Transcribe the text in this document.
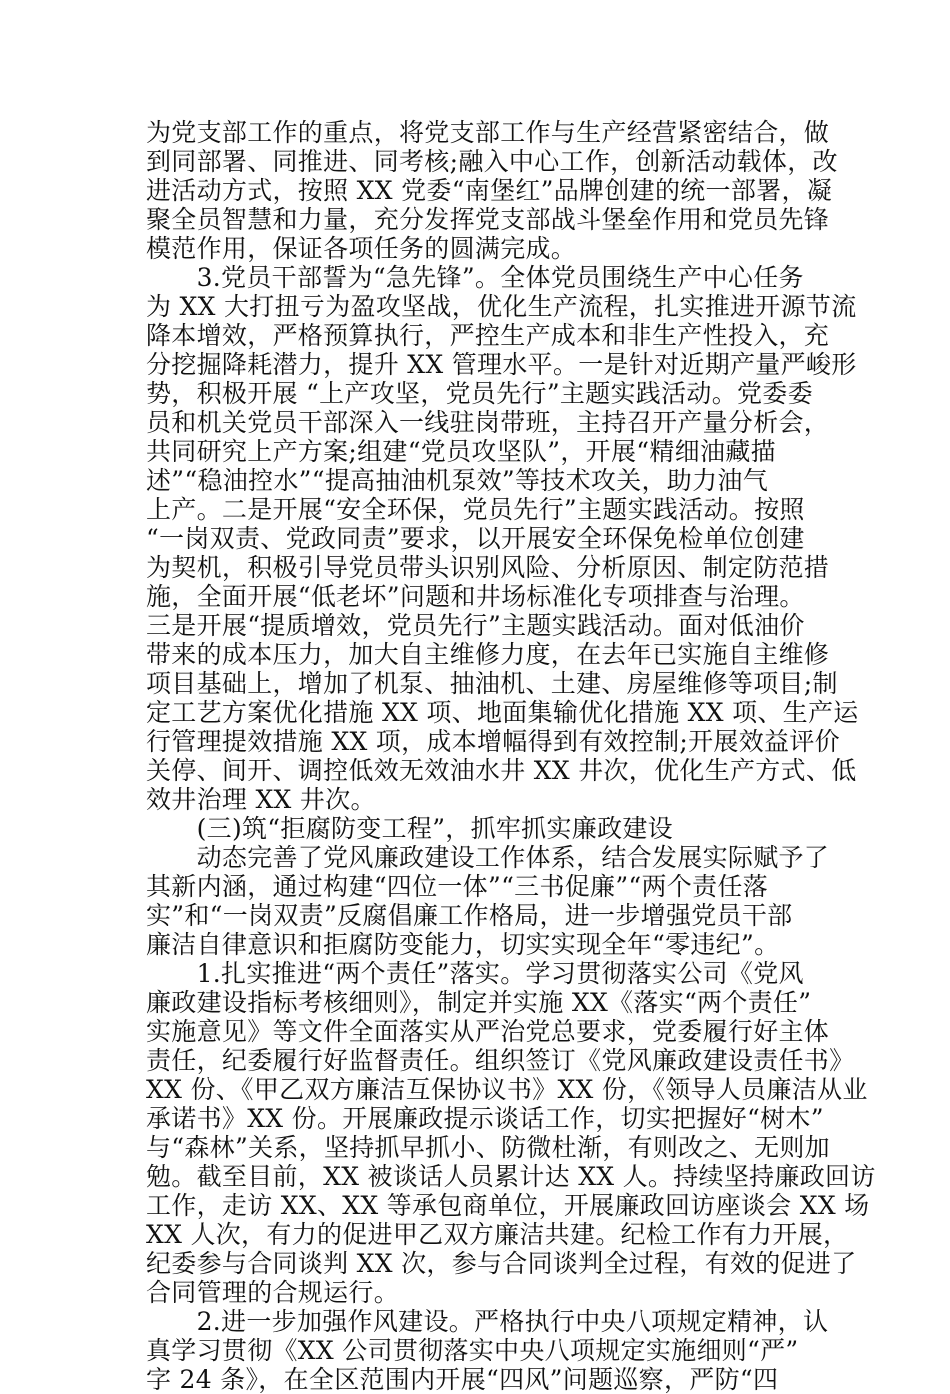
为党支部工作的重点，将党支部工作与生产经营紧密结合，做
到同部署、同推进、同考核;融入中心工作，创新活动载体，改
进活动方式，按照 XX 党委“南堡红”品牌创建的统一部署，凝
聚全员智慧和力量，充分发挥党支部战斗堡垒作用和党员先锋
模范作用，保证各项任务的圆满完成。
　　3.党员干部誓为“急先锋”。全体党员围绕生产中心任务
为 XX 大打扭亏为盈攻坚战，优化生产流程，扎实推进开源节流
降本增效，严格预算执行，严控生产成本和非生产性投入，充
分挖掘降耗潜力，提升 XX 管理水平。一是针对近期产量严峻形
势，积极开展 “上产攻坚，党员先行”主题实践活动。党委委
员和机关党员干部深入一线驻岗带班，主持召开产量分析会，
共同研究上产方案;组建“党员攻坚队”，开展“精细油藏描
述”“稳油控水”“提高抽油机泵效”等技术攻关，助力油气
上产。二是开展“安全环保，党员先行”主题实践活动。按照
“一岗双责、党政同责”要求，以开展安全环保免检单位创建
为契机，积极引导党员带头识别风险、分析原因、制定防范措
施，全面开展“低老坏”问题和井场标准化专项排查与治理。
三是开展“提质增效，党员先行”主题实践活动。面对低油价
带来的成本压力，加大自主维修力度，在去年已实施自主维修
项目基础上，增加了机泵、抽油机、土建、房屋维修等项目;制
定工艺方案优化措施 XX 项、地面集输优化措施 XX 项、生产运
行管理提效措施 XX 项，成本增幅得到有效控制;开展效益评价
关停、间开、调控低效无效油水井 XX 井次，优化生产方式、低
效井治理 XX 井次。
　　(三)筑“拒腐防变工程”，抓牢抓实廉政建设
　　动态完善了党风廉政建设工作体系，结合发展实际赋予了
其新内涵，通过构建“四位一体”“三书促廉”“两个责任落
实”和“一岗双责”反腐倡廉工作格局，进一步增强党员干部
廉洁自律意识和拒腐防变能力，切实实现全年“零违纪”。
　　1.扎实推进“两个责任”落实。学习贯彻落实公司《党风
廉政建设指标考核细则》，制定并实施 XX《落实“两个责任”
实施意见》等文件全面落实从严治党总要求，党委履行好主体
责任，纪委履行好监督责任。组织签订《党风廉政建设责任书》
XX 份、《甲乙双方廉洁互保协议书》XX 份，《领导人员廉洁从业
承诺书》XX 份。开展廉政提示谈话工作，切实把握好“树木”
与“森林”关系，坚持抓早抓小、防微杜渐，有则改之、无则加
勉。截至目前，XX 被谈话人员累计达 XX 人。持续坚持廉政回访
工作，走访 XX、XX 等承包商单位，开展廉政回访座谈会 XX 场
XX 人次，有力的促进甲乙双方廉洁共建。纪检工作有力开展，
纪委参与合同谈判 XX 次，参与合同谈判全过程，有效的促进了
合同管理的合规运行。
　　2.进一步加强作风建设。严格执行中央八项规定精神，认
真学习贯彻《XX 公司贯彻落实中央八项规定实施细则“严”
字 24 条》，在全区范围内开展“四风”问题巡察，严防“四
